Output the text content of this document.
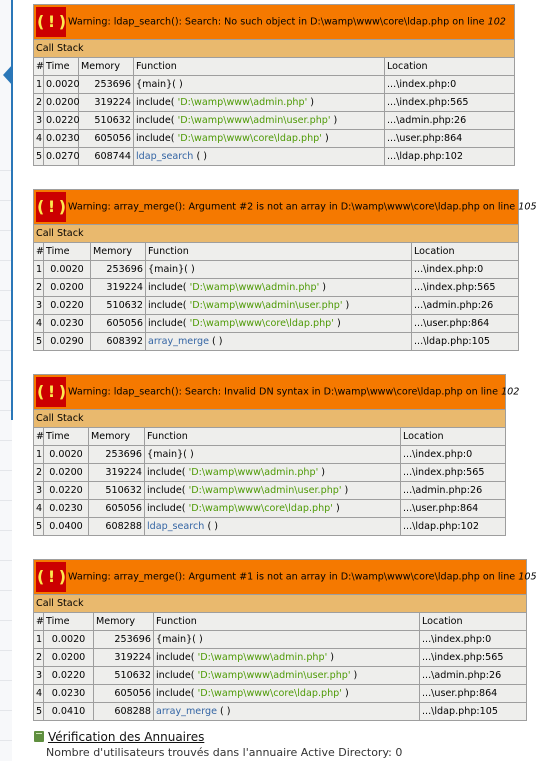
( ! ) Warning: ldap_search(): Search: No such object in D:\wamp\www\core\ldap.php on line 102				
Call Stack				
#	Time	Memory	Function	Location
1	0.0020	253696	{main}( )	...\index.php:0
2	0.0200	319224	include( 'D:\wamp\www\admin.php' )	...\index.php:565
3	0.0220	510632	include( 'D:\wamp\www\admin\user.php' )	...\admin.php:26
4	0.0230	605056	include( 'D:\wamp\www\core\ldap.php' )	...\user.php:864
5	0.0270	608744	ldap_search ( )	...\ldap.php:102
( ! ) Warning: array_merge(): Argument #2 is not an array in D:\wamp\www\core\ldap.php on line 105				
Call Stack				
#	Time	Memory	Function	Location
1	0.0020	253696	{main}( )	...\index.php:0
2	0.0200	319224	include( 'D:\wamp\www\admin.php' )	...\index.php:565
3	0.0220	510632	include( 'D:\wamp\www\admin\user.php' )	...\admin.php:26
4	0.0230	605056	include( 'D:\wamp\www\core\ldap.php' )	...\user.php:864
5	0.0290	608392	array_merge ( )	...\ldap.php:105
( ! ) Warning: ldap_search(): Search: Invalid DN syntax in D:\wamp\www\core\ldap.php on line 102				
Call Stack				
#	Time	Memory	Function	Location
1	0.0020	253696	{main}( )	...\index.php:0
2	0.0200	319224	include( 'D:\wamp\www\admin.php' )	...\index.php:565
3	0.0220	510632	include( 'D:\wamp\www\admin\user.php' )	...\admin.php:26
4	0.0230	605056	include( 'D:\wamp\www\core\ldap.php' )	...\user.php:864
5	0.0400	608288	ldap_search ( )	...\ldap.php:102
( ! ) Warning: array_merge(): Argument #1 is not an array in D:\wamp\www\core\ldap.php on line 105				
Call Stack				
#	Time	Memory	Function	Location
1	0.0020	253696	{main}( )	...\index.php:0
2	0.0200	319224	include( 'D:\wamp\www\admin.php' )	...\index.php:565
3	0.0220	510632	include( 'D:\wamp\www\admin\user.php' )	...\admin.php:26
4	0.0230	605056	include( 'D:\wamp\www\core\ldap.php' )	...\user.php:864
5	0.0410	608288	array_merge ( )	...\ldap.php:105
Vérification des Annuaires
Nombre d'utilisateurs trouvés dans l'annuaire Active Directory: 0
